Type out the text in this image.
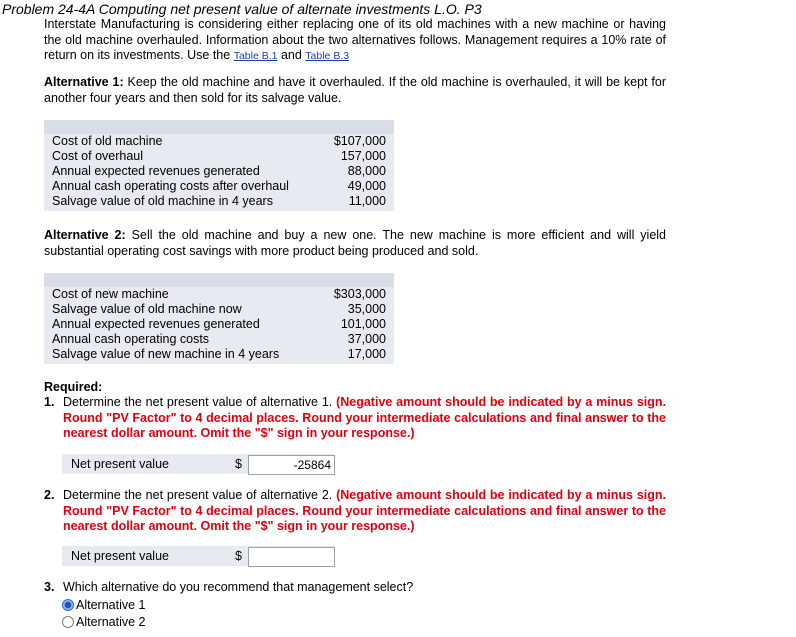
Problem 24-4A Computing net present value of alternate investments L.O. P3
Interstate Manufacturing is considering either replacing one of its old machines with a new machine or having the old machine overhauled. Information about the two alternatives follows. Management requires a 10% rate of return on its investments. Use the Table B.1 and Table B.3
Alternative 1: Keep the old machine and have it overhauled. If the old machine is overhauled, it will be kept for another four years and then sold for its salvage value.
Cost of old machine	$107,000
Cost of overhaul	157,000
Annual expected revenues generated	88,000
Annual cash operating costs after overhaul	49,000
Salvage value of old machine in 4 years	11,000
Alternative 2: Sell the old machine and buy a new one. The new machine is more efficient and will yield substantial operating cost savings with more product being produced and sold.
Cost of new machine	$303,000
Salvage value of old machine now	35,000
Annual expected revenues generated	101,000
Annual cash operating costs	37,000
Salvage value of new machine in 4 years	17,000
Required:
1. Determine the net present value of alternative 1. (Negative amount should be indicated by a minus sign. Round "PV Factor" to 4 decimal places. Round your intermediate calculations and final answer to the nearest dollar amount. Omit the "$" sign in your response.)
Net present value	$
-25864
2. Determine the net present value of alternative 2. (Negative amount should be indicated by a minus sign. Round "PV Factor" to 4 decimal places. Round your intermediate calculations and final answer to the nearest dollar amount. Omit the "$" sign in your response.)
Net present value	$
3. Which alternative do you recommend that management select?
Alternative 1
Alternative 2
